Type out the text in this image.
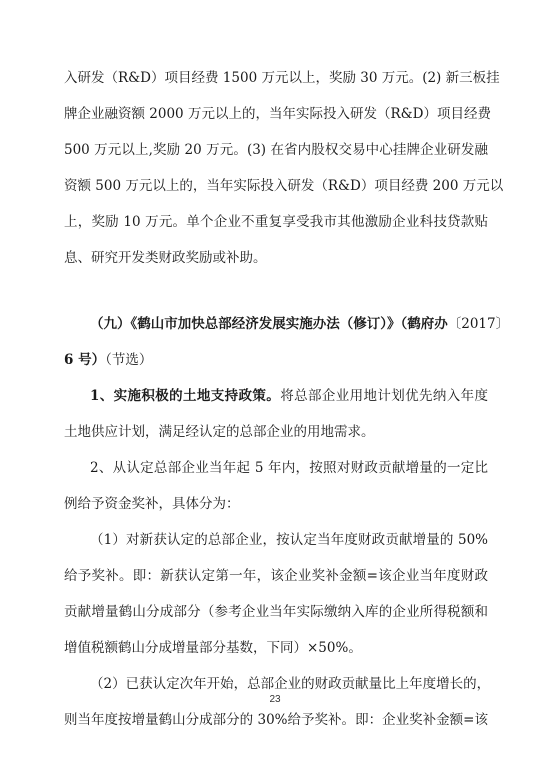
入研发（R&D）项目经费 1500 万元以上，奖励 30 万元。(2) 新三板挂
牌企业融资额 2000 万元以上的，当年实际投入研发（R&D）项目经费
500 万元以上,奖励 20 万元。(3) 在省内股权交易中心挂牌企业研发融
资额 500 万元以上的，当年实际投入研发（R&D）项目经费 200 万元以
上，奖励 10 万元。单个企业不重复享受我市其他激励企业科技贷款贴
息、研究开发类财政奖励或补助。
（九）《鹤山市加快总部经济发展实施办法（修订）》（鹤府办〔2017〕
6 号）（节选）
1、实施积极的土地支持政策。将总部企业用地计划优先纳入年度
土地供应计划，满足经认定的总部企业的用地需求。
2、从认定总部企业当年起 5 年内，按照对财政贡献增量的一定比
例给予资金奖补，具体分为：
（1）对新获认定的总部企业，按认定当年度财政贡献增量的 50%
给予奖补。即：新获认定第一年，该企业奖补金额=该企业当年度财政
贡献增量鹤山分成部分（参考企业当年实际缴纳入库的企业所得税额和
增值税额鹤山分成增量部分基数，下同）×50%。
（2）已获认定次年开始，总部企业的财政贡献量比上年度增长的，
则当年度按增量鹤山分成部分的 30%给予奖补。即：企业奖补金额=该
23
